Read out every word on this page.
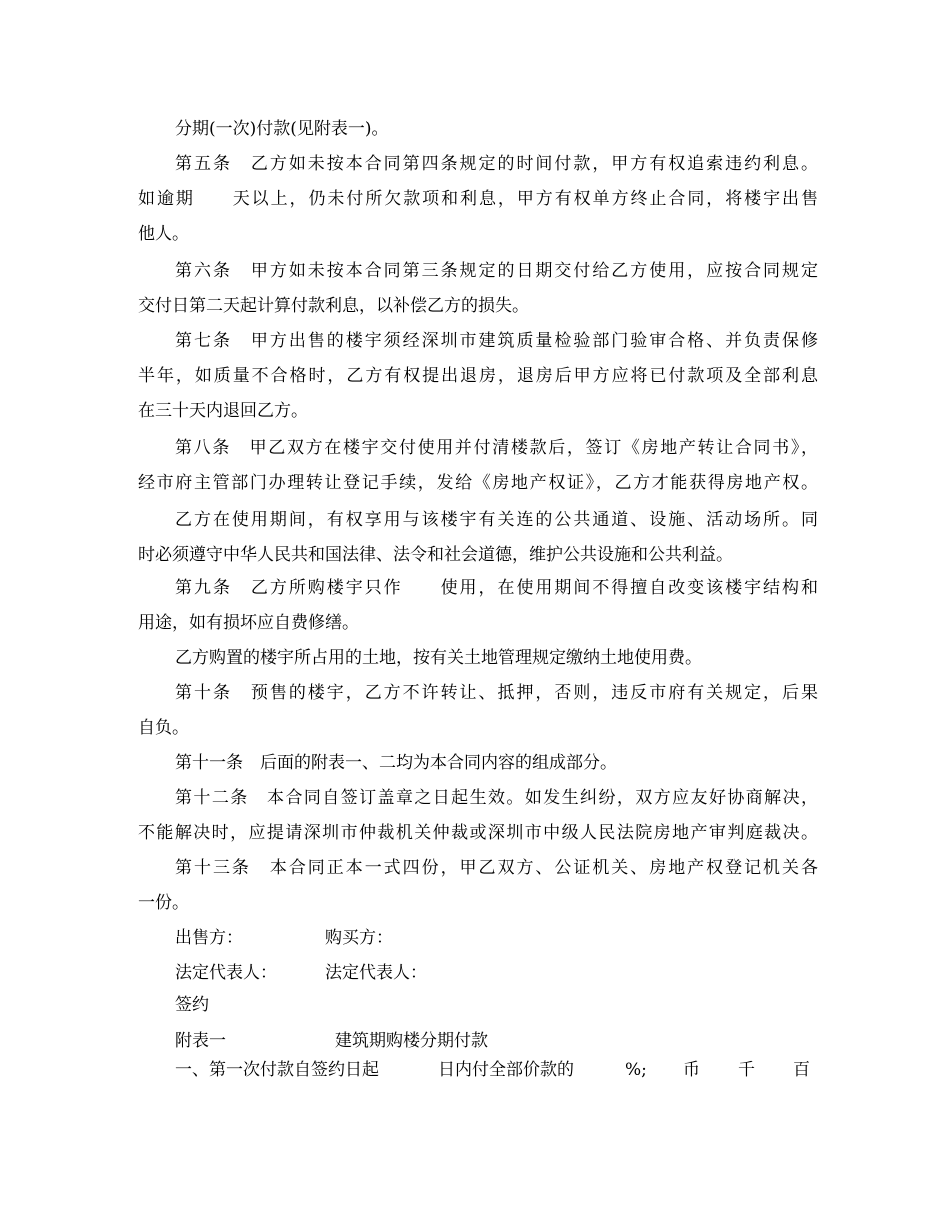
分期(一次)付款(见附表一)。
第五条　乙方如未按本合同第四条规定的时间付款，甲方有权追索违约利息。
如逾期　　天以上，仍未付所欠款项和利息，甲方有权单方终止合同，将楼宇出售
他人。
第六条　甲方如未按本合同第三条规定的日期交付给乙方使用，应按合同规定
交付日第二天起计算付款利息，以补偿乙方的损失。
第七条　甲方出售的楼宇须经深圳市建筑质量检验部门验审合格、并负责保修
半年，如质量不合格时，乙方有权提出退房，退房后甲方应将已付款项及全部利息
在三十天内退回乙方。
第八条　甲乙双方在楼宇交付使用并付清楼款后，签订《房地产转让合同书》，
经市府主管部门办理转让登记手续，发给《房地产权证》，乙方才能获得房地产权。
乙方在使用期间，有权享用与该楼宇有关连的公共通道、设施、活动场所。同
时必须遵守中华人民共和国法律、法令和社会道德，维护公共设施和公共利益。
第九条　乙方所购楼宇只作　　使用，在使用期间不得擅自改变该楼宇结构和
用途，如有损坏应自费修缮。
乙方购置的楼宇所占用的土地，按有关土地管理规定缴纳土地使用费。
第十条　预售的楼宇，乙方不许转让、抵押，否则，违反市府有关规定，后果
自负。
第十一条　后面的附表一、二均为本合同内容的组成部分。
第十二条　本合同自签订盖章之日起生效。如发生纠纷，双方应友好协商解决，
不能解决时，应提请深圳市仲裁机关仲裁或深圳市中级人民法院房地产审判庭裁决。
第十三条　本合同正本一式四份，甲乙双方、公证机关、房地产权登记机关各
一份。
出售方：	购买方：
法定代表人：	法定代表人：
签约
附表一	建筑期购楼分期付款
一、第一次付款自签约日起	日内付全部价款的	%; 币 千 百
